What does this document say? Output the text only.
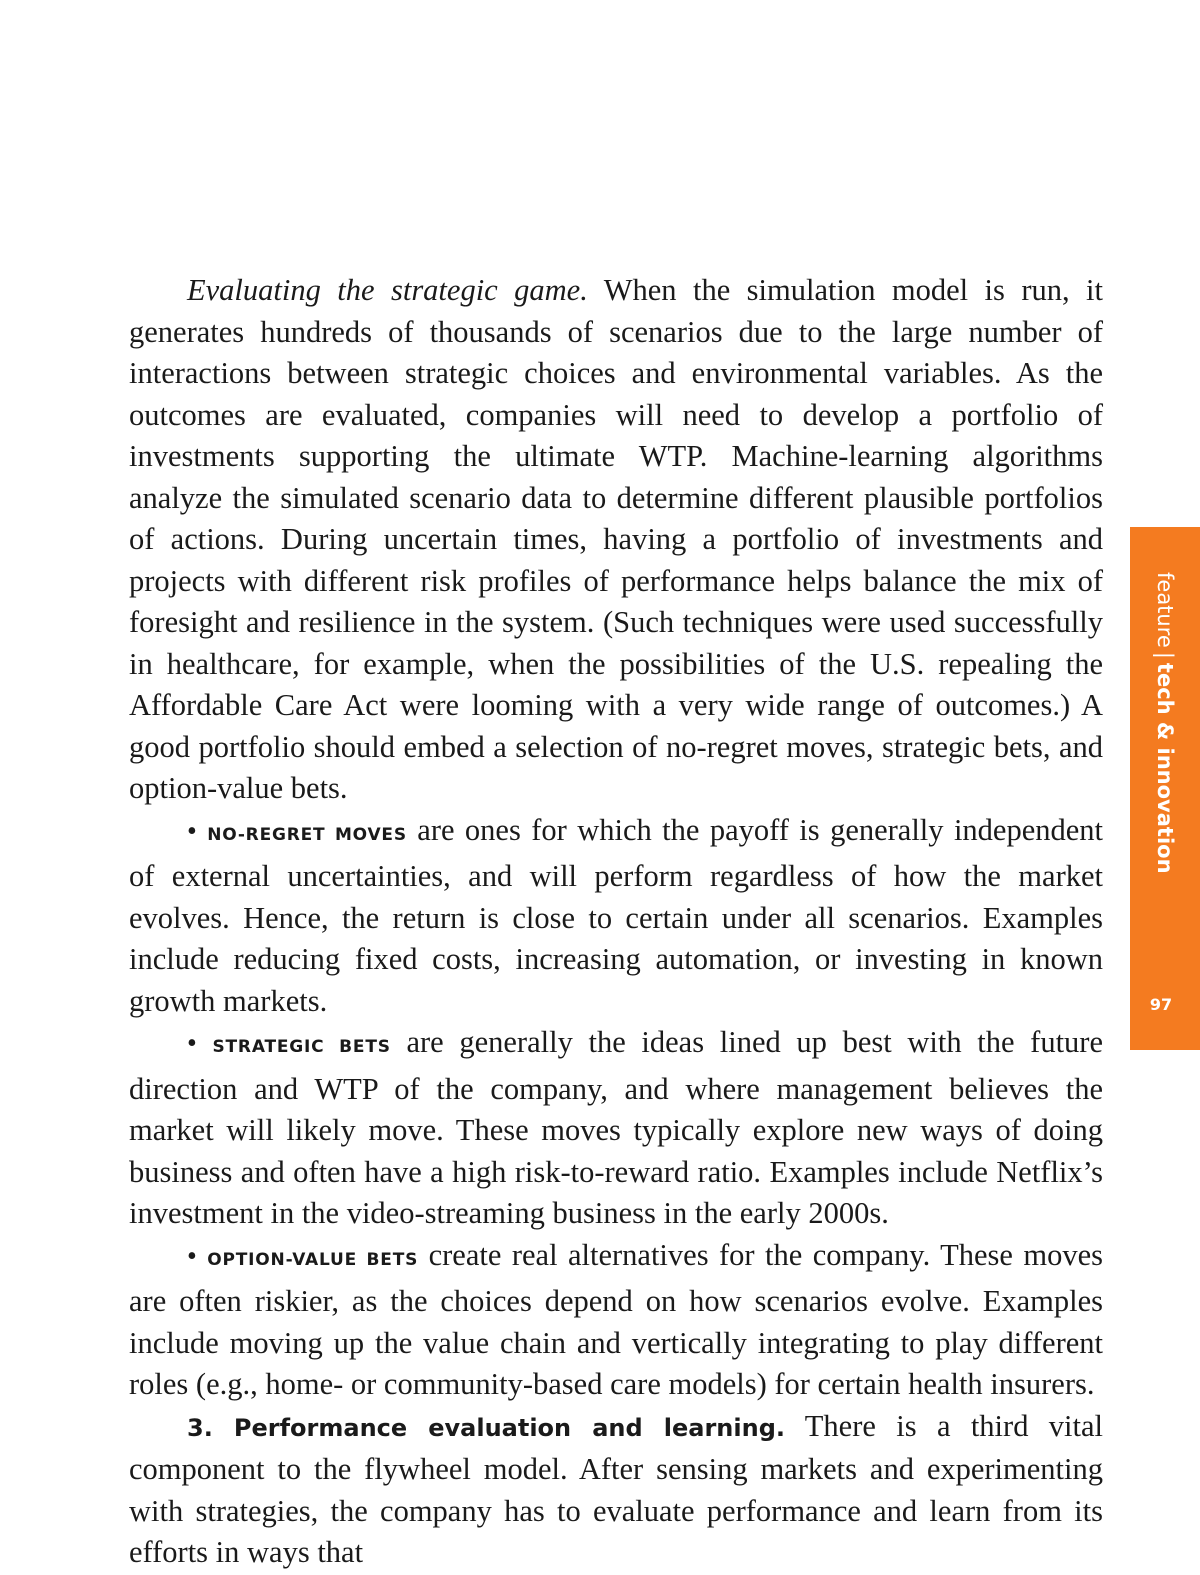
Evaluating the strategic game. When the simulation model is run, it generates hundreds of thousands of scenarios due to the large number of interactions between strategic choices and environmental variables. As the outcomes are evaluated, companies will need to develop a portfolio of investments supporting the ultimate WTP. Machine-learning algorithms analyze the simulated scenario data to determine different plausible portfolios of actions. During uncertain times, having a portfolio of investments and projects with different risk profiles of performance helps balance the mix of foresight and resilience in the system. (Such techniques were used successfully in healthcare, for example, when the possibilities of the U.S. repealing the Affordable Care Act were looming with a very wide range of outcomes.) A good portfolio should embed a selection of no-regret moves, strategic bets, and option-value bets.

• NO-REGRET MOVES are ones for which the payoff is generally independent of external uncertainties, and will perform regardless of how the market evolves. Hence, the return is close to certain under all scenarios. Examples include reducing fixed costs, increasing automation, or investing in known growth markets.

• STRATEGIC BETS are generally the ideas lined up best with the future direction and WTP of the company, and where management believes the market will likely move. These moves typically explore new ways of doing business and often have a high risk-to-reward ratio. Examples include Netflix’s investment in the video-streaming business in the early 2000s.

• OPTION-VALUE BETS create real alternatives for the company. These moves are often riskier, as the choices depend on how scenarios evolve. Examples include moving up the value chain and vertically integrating to play different roles (e.g., home- or community-based care models) for certain health insurers.

3. Performance evaluation and learning. There is a third vital component to the flywheel model. After sensing markets and experimenting with strategies, the company has to evaluate performance and learn from its efforts in ways that

feature|tech & innovation
97
